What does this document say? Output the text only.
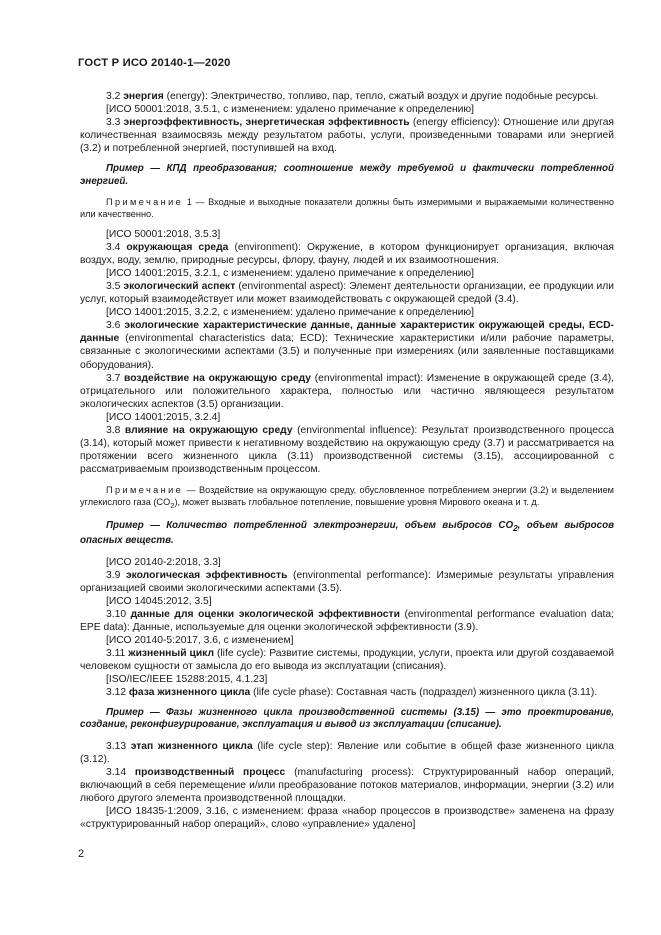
ГОСТ Р ИСО 20140-1—2020

3.2 энергия (energy): Электричество, топливо, пар, тепло, сжатый воздух и другие подобные ресурсы.

[ИСО 50001:2018, 3.5.1, с изменением: удалено примечание к определению]

3.3 энергоэффективность, энергетическая эффективность (energy efficiency): Отношение или другая количественная взаимосвязь между результатом работы, услуги, произведенными товарами или энергией (3.2) и потребленной энергией, поступившей на вход.

Пример — КПД преобразования; соотношение между требуемой и фактически потребленной энергией.

Примечание 1 — Входные и выходные показатели должны быть измеримыми и выражаемыми количественно или качественно.

[ИСО 50001:2018, 3.5.3]

3.4 окружающая среда (environment): Окружение, в котором функционирует организация, включая воздух, воду, землю, природные ресурсы, флору, фауну, людей и их взаимоотношения.

[ИСО 14001:2015, 3.2.1, с изменением: удалено примечание к определению]

3.5 экологический аспект (environmental aspect): Элемент деятельности организации, ее продукции или услуг, который взаимодействует или может взаимодействовать с окружающей средой (3.4).

[ИСО 14001:2015, 3.2.2, с изменением: удалено примечание к определению]

3.6 экологические характеристические данные, данные характеристик окружающей среды, ECD-данные (environmental characteristics data; ECD): Технические характеристики и/или рабочие параметры, связанные с экологическими аспектами (3.5) и полученные при измерениях (или заявленные поставщиками оборудования).

3.7 воздействие на окружающую среду (environmental impact): Изменение в окружающей среде (3.4), отрицательного или положительного характера, полностью или частично являющееся результатом экологических аспектов (3.5) организации.

[ИСО 14001:2015, 3.2.4]

3.8 влияние на окружающую среду (environmental influence): Результат производственного процесса (3.14), который может привести к негативному воздействию на окружающую среду (3.7) и рассматривается на протяжении всего жизненного цикла (3.11) производственной системы (3.15), ассоциированной с рассматриваемым производственным процессом.

Примечание — Воздействие на окружающую среду, обусловленное потреблением энергии (3.2) и выделением углекислого газа $(CO_2)$, может вызвать глобальное потепление, повышение уровня Мирового океана и т. д.

Пример — Количество потребленной электроэнергии, объем выбросов $CO_2$, объем выбросов опасных веществ.

[ИСО 20140-2:2018, 3.3]

3.9 экологическая эффективность (environmental performance): Измеримые результаты управления организацией своими экологическими аспектами (3.5).

[ИСО 14045:2012, 3.5]

3.10 данные для оценки экологической эффективности (environmental performance evaluation data; EPE data): Данные, используемые для оценки экологической эффективности (3.9).

[ИСО 20140-5:2017, 3.6, с изменением]

3.11 жизненный цикл (life cycle): Развитие системы, продукции, услуги, проекта или другой создаваемой человеком сущности от замысла до его вывода из эксплуатации (списания).

[ISO/IEC/IEEE 15288:2015, 4.1.23]

3.12 фаза жизненного цикла (life cycle phase): Составная часть (подраздел) жизненного цикла (3.11).

Пример — Фазы жизненного цикла производственной системы (3.15) — это проектирование, создание, реконфигурирование, эксплуатация и вывод из эксплуатации (списание).

3.13 этап жизненного цикла (life cycle step): Явление или событие в общей фазе жизненного цикла (3.12).

3.14 производственный процесс (manufacturing process): Структурированный набор операций, включающий в себя перемещение и/или преобразование потоков материалов, информации, энергии (3.2) или любого другого элемента производственной площадки.

[ИСО 18435-1:2009, 3.16, с изменением: фраза «набор процессов в производстве» заменена на фразу «структурированный набор операций», слово «управление» удалено]

2
